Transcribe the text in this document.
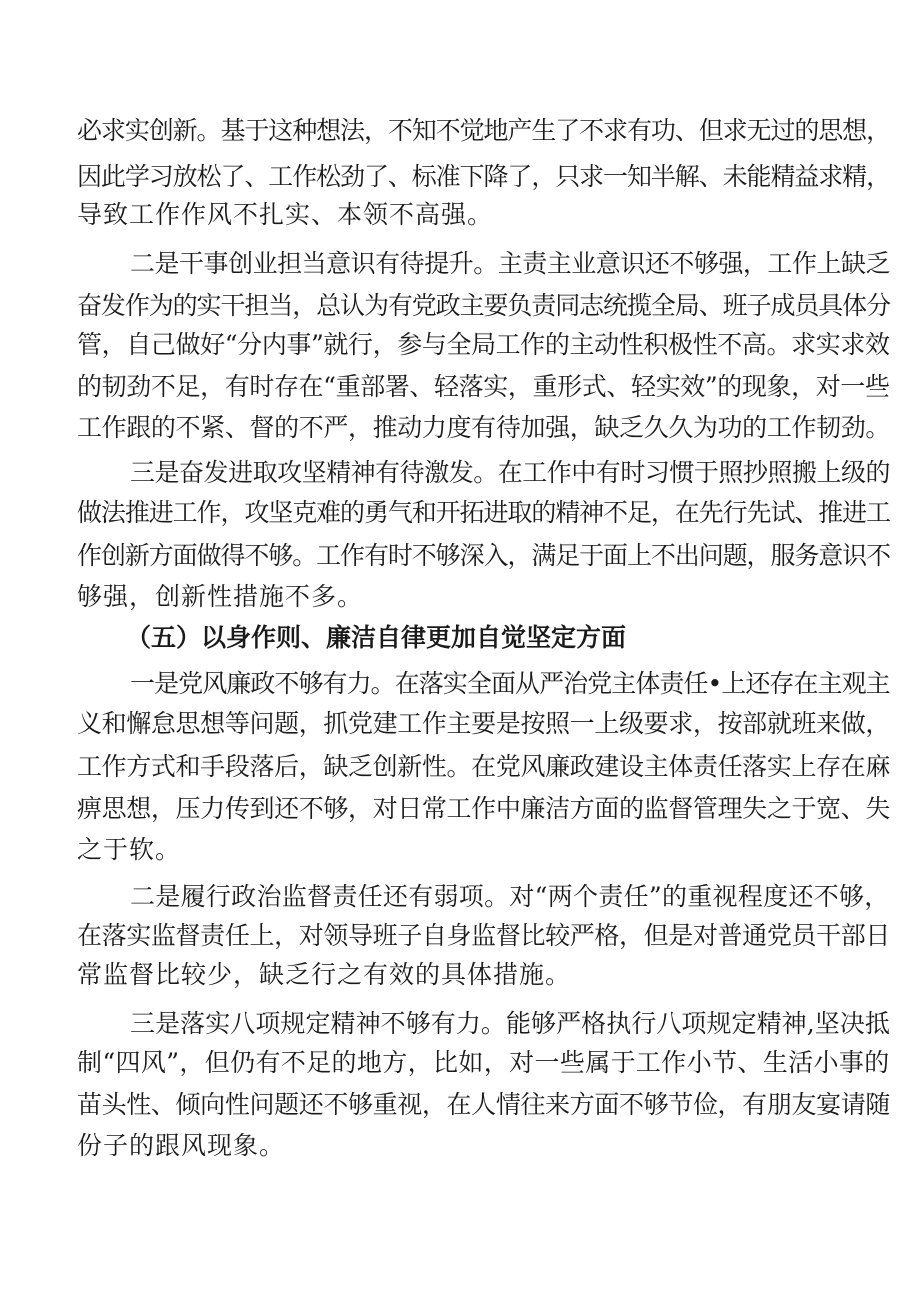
必求实创新。基于这种想法，不知不觉地产生了不求有功、但求无过的思想，
因此学习放松了、工作松劲了、标准下降了，只求一知半解、未能精益求精，
导致工作作风不扎实、本领不高强。
二是干事创业担当意识有待提升。主责主业意识还不够强，工作上缺乏
奋发作为的实干担当，总认为有党政主要负责同志统揽全局、班子成员具体分
管，自己做好“分内事”就行，参与全局工作的主动性积极性不高。求实求效
的韧劲不足，有时存在“重部署、轻落实，重形式、轻实效”的现象，对一些
工作跟的不紧、督的不严，推动力度有待加强，缺乏久久为功的工作韧劲。
三是奋发进取攻坚精神有待激发。在工作中有时习惯于照抄照搬上级的
做法推进工作，攻坚克难的勇气和开拓进取的精神不足，在先行先试、推进工
作创新方面做得不够。工作有时不够深入，满足于面上不出问题，服务意识不
够强，创新性措施不多。
（五）以身作则、廉洁自律更加自觉坚定方面
一是党风廉政不够有力。在落实全面从严治党主体责任•上还存在主观主
义和懈怠思想等问题，抓党建工作主要是按照一上级要求，按部就班来做，
工作方式和手段落后，缺乏创新性。在党风廉政建设主体责任落实上存在麻
痹思想，压力传到还不够，对日常工作中廉洁方面的监督管理失之于宽、失
之于软。
二是履行政治监督责任还有弱项。对“两个责任”的重视程度还不够，
在落实监督责任上，对领导班子自身监督比较严格，但是对普通党员干部日
常监督比较少，缺乏行之有效的具体措施。
三是落实八项规定精神不够有力。能够严格执行八项规定精神,坚决抵
制“四风”，但仍有不足的地方，比如，对一些属于工作小节、生活小事的
苗头性、倾向性问题还不够重视，在人情往来方面不够节俭，有朋友宴请随
份子的跟风现象。
